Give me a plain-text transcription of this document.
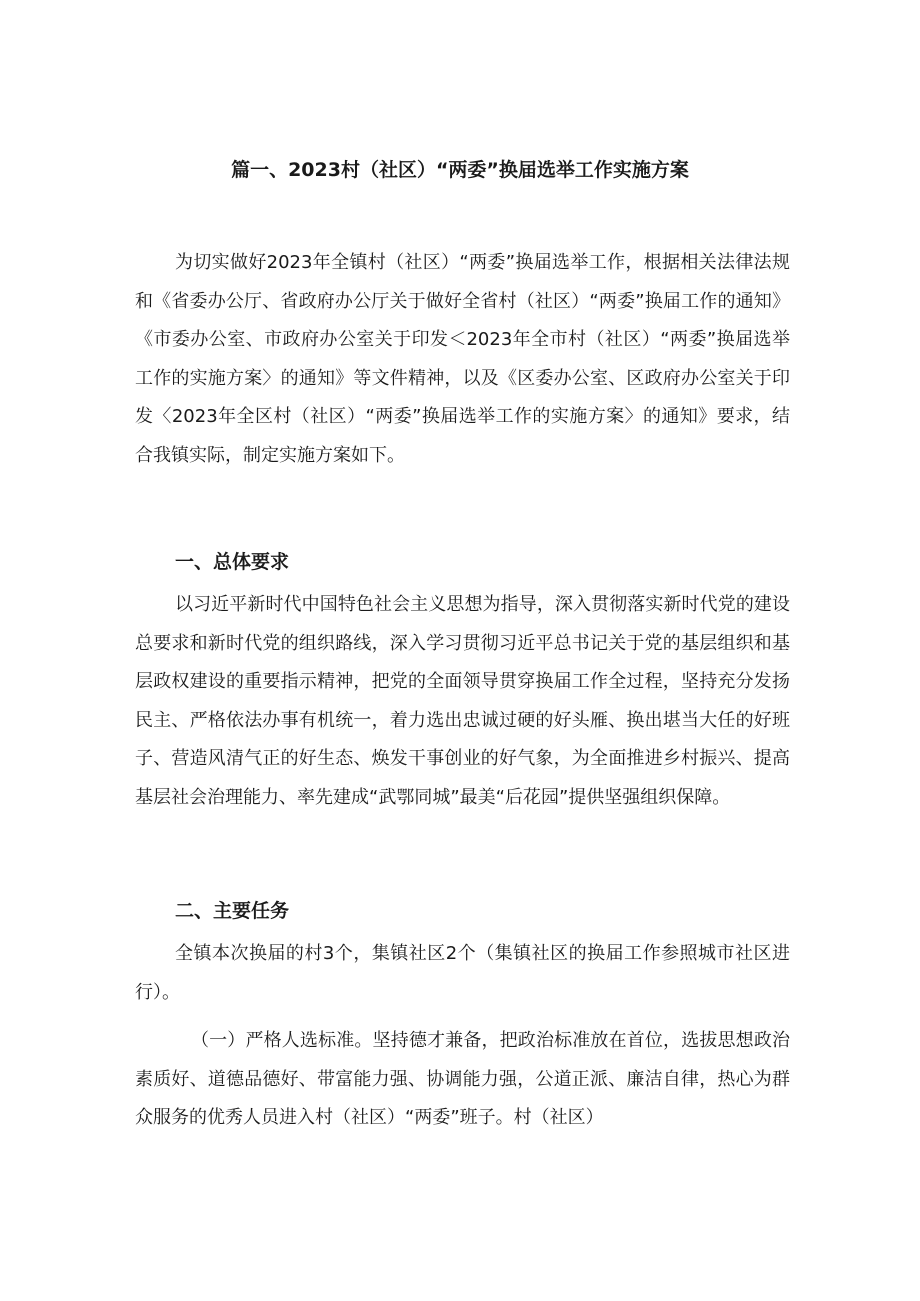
篇一、2023村（社区）“两委”换届选举工作实施方案

为切实做好2023年全镇村（社区）“两委”换届选举工作，根据相关法律法规和《省委办公厅、省政府办公厅关于做好全省村（社区）“两委”换届工作的通知》《市委办公室、市政府办公室关于印发＜2023年全市村（社区）“两委”换届选举工作的实施方案〉的通知》等文件精神，以及《区委办公室、区政府办公室关于印发〈2023年全区村（社区）“两委”换届选举工作的实施方案〉的通知》要求，结合我镇实际，制定实施方案如下。

一、总体要求

以习近平新时代中国特色社会主义思想为指导，深入贯彻落实新时代党的建设总要求和新时代党的组织路线，深入学习贯彻习近平总书记关于党的基层组织和基层政权建设的重要指示精神，把党的全面领导贯穿换届工作全过程，坚持充分发扬民主、严格依法办事有机统一，着力选出忠诚过硬的好头雁、换出堪当大任的好班子、营造风清气正的好生态、焕发干事创业的好气象，为全面推进乡村振兴、提高基层社会治理能力、率先建成“武鄂同城”最美“后花园”提供坚强组织保障。

二、主要任务

全镇本次换届的村3个，集镇社区2个（集镇社区的换届工作参照城市社区进行）。

（一）严格人选标准。坚持德才兼备，把政治标准放在首位，选拔思想政治素质好、道德品德好、带富能力强、协调能力强，公道正派、廉洁自律，热心为群众服务的优秀人员进入村（社区）“两委”班子。村（社区）
